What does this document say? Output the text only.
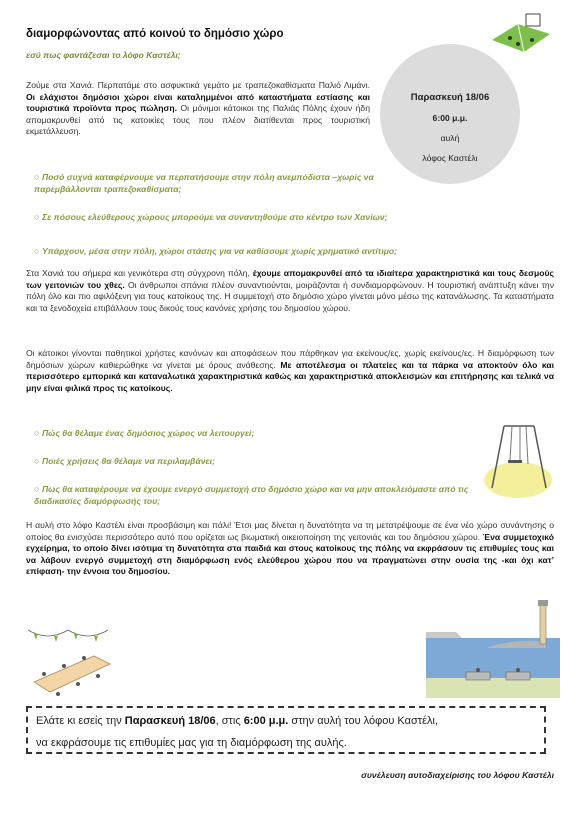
διαμορφώνοντας από κοινού το δημόσιο χώρο
εσύ πως φαντάζεσαι το λόφο Καστέλι;
Παρασκευή 18/06
6:00 μ.μ.
αυλή
λόφος Καστέλι

Ζούμε στα Χανιά. Περπατάμε στο ασφυκτικά γεμάτο με τραπεζοκαθίσματα Παλιό Λιμάνι. Οι ελάχιστοι δημόσιοι χώροι είναι καταλημμένοι από καταστήματα εστίασης και τουριστικά προϊόντα προς πώληση. Οι μόνιμοι κάτοικοι της Παλιάς Πόλης έχουν ήδη απομακρυνθεί από τις κατοικίες τους που πλέον διατίθενται προς τουριστική εκμετάλλευση.

○ Ποσό συχνά καταφέρνουμε να περπατήσουμε στην πόλη ανεμπόδιστα –χωρίς να παρεμβάλλονται τραπεζοκαθίσματα;
○ Σε πόσους ελεύθερους χώρους μπορούμε να συναντηθούμε στο κέντρο των Χανίων;
○ Υπάρχουν, μέσα στην πόλη, χώροι στάσης για να καθίσουμε χωρίς χρηματικό αντίτιμο;

Στα Χανιά του σήμερα και γενικότερα στη σύγχρονη πόλη, έχουμε απομακρυνθεί από τα ιδιαίτερα χαρακτηριστικά και τους δεσμούς των γειτονιών του χθες. Οι άνθρωποι σπάνια πλέον συναντιούνται, μοιράζονται ή συνδιαμορφώνουν. Η τουριστική ανάπτυξη κάνει την πόλη όλο και πιο αφιλόξενη για τους κατοίκους της. Η συμμετοχή στο δημόσιο χώρο γίνεται μόνο μέσω της κατανάλωσης. Τα καταστήματα και τα ξενοδοχεία επιβάλλουν τους δικούς τους κανόνες χρήσης του δημοσίου χώρου.

Οι κάτοικοι γίνονται παθητικοί χρήστες κανόνων και αποφάσεων που πάρθηκαν για εκείνους/ες, χωρίς εκείνους/ες. Η διαμόρφωση των δημόσιων χώρων καθιερώθηκε να γίνεται με όρους ανάθεσης. Με αποτέλεσμα οι πλατείες και τα πάρκα να αποκτούν όλο και περισσότερο εμπορικά και καταναλωτικά χαρακτηριστικά καθώς και χαρακτηριστικά αποκλεισμών και επιτήρησης και τελικά να μην είναι φιλικά προς τις κατοίκους.

○ Πώς θα θέλαμε ένας δημόσιος χώρος να λειτουργεί;
○ Ποιές χρήσεις θα θέλαμε να περιλαμβάνει;
○ Πως θα καταφέρουμε να έχουμε ενεργό συμμετοχή στο δημόσιο χώρο και να μην αποκλειόμαστε από τις διαδικασίες διαμόρφωσής του;

Η αυλή στο λόφο Καστέλι είναι προσβάσιμη και πάλι! Έτσι μας δίνεται η δυνατότητα να τη μετατρέψουμε σε ένα νέο χώρο συνάντησης ο οποίος θα ενισχύσει περισσότερο αυτό που ορίζεται ως βιωματική οικειοποίηση της γειτονιάς και του δημόσιου χώρου. Ένα συμμετοχικό εγχείρημα, το οποίο δίνει ισότιμα τη δυνατότητα στα παιδιά και στους κατοίκους της πόλης να εκφράσουν τις επιθυμίες τους και να λάβουν ενεργό συμμετοχή στη διαμόρφωση ενός ελεύθερου χώρου που να πραγματώνει στην ουσία της -και όχι κατ’ επίφαση- την έννοια του δημοσίου.

Ελάτε κι εσείς την Παρασκευή 18/06, στις 6:00 μ.μ. στην αυλή του λόφου Καστέλι,
να εκφράσουμε τις επιθυμίες μας για τη διαμόρφωση της αυλής.
συνέλευση αυτοδιαχείρισης του λόφου Καστέλι
